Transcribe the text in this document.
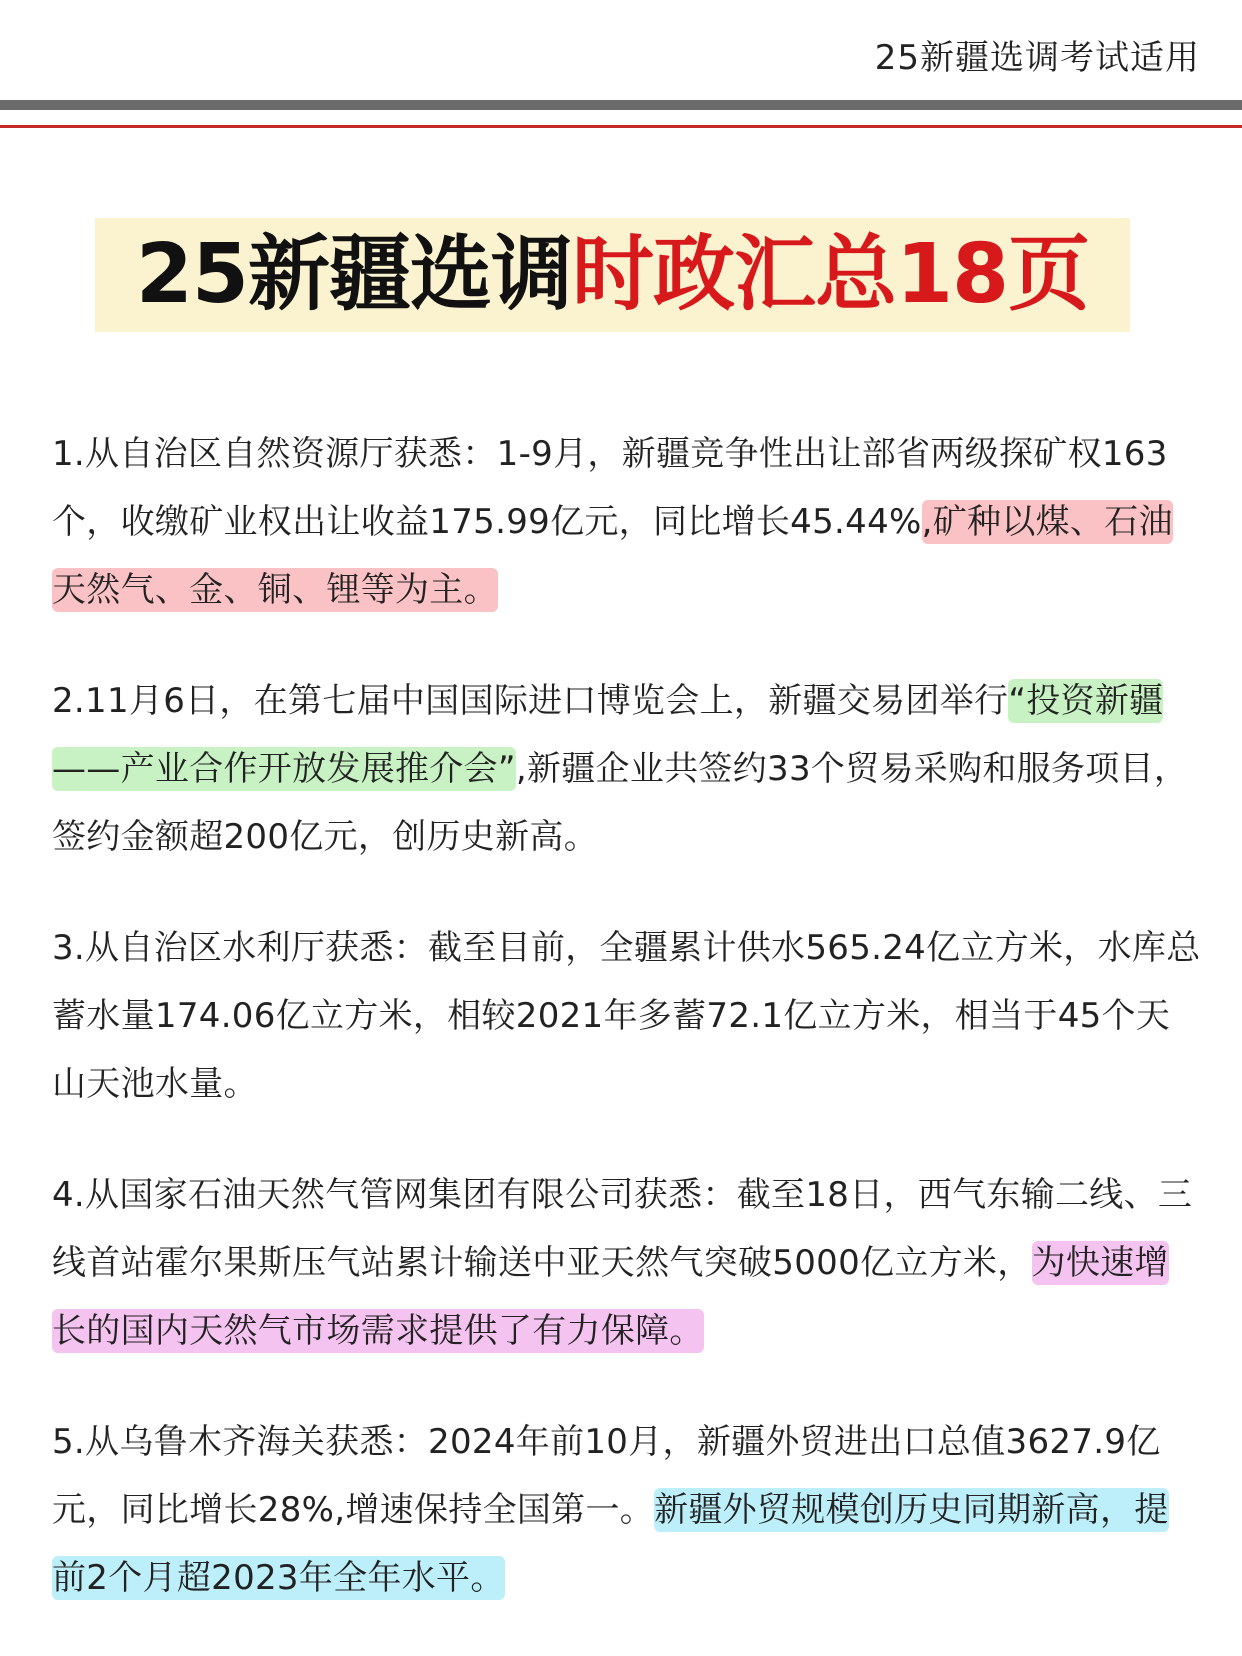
25新疆选调考试适用
25新疆选调时政汇总18页

1.从自治区自然资源厅获悉：1-9月，新疆竞争性出让部省两级探矿权163个，收缴矿业权出让收益175.99亿元，同比增长45.44%,矿种以煤、石油天然气、金、铜、锂等为主。

2.11月6日，在第七届中国国际进口博览会上，新疆交易团举行“投资新疆——产业合作开放发展推介会”,新疆企业共签约33个贸易采购和服务项目，签约金额超200亿元，创历史新高。

3.从自治区水利厅获悉：截至目前，全疆累计供水565.24亿立方米，水库总蓄水量174.06亿立方米，相较2021年多蓄72.1亿立方米，相当于45个天山天池水量。

4.从国家石油天然气管网集团有限公司获悉：截至18日，西气东输二线、三线首站霍尔果斯压气站累计输送中亚天然气突破5000亿立方米，为快速增长的国内天然气市场需求提供了有力保障。

5.从乌鲁木齐海关获悉：2024年前10月，新疆外贸进出口总值3627.9亿元，同比增长28%,增速保持全国第一。新疆外贸规模创历史同期新高，提前2个月超2023年全年水平。
